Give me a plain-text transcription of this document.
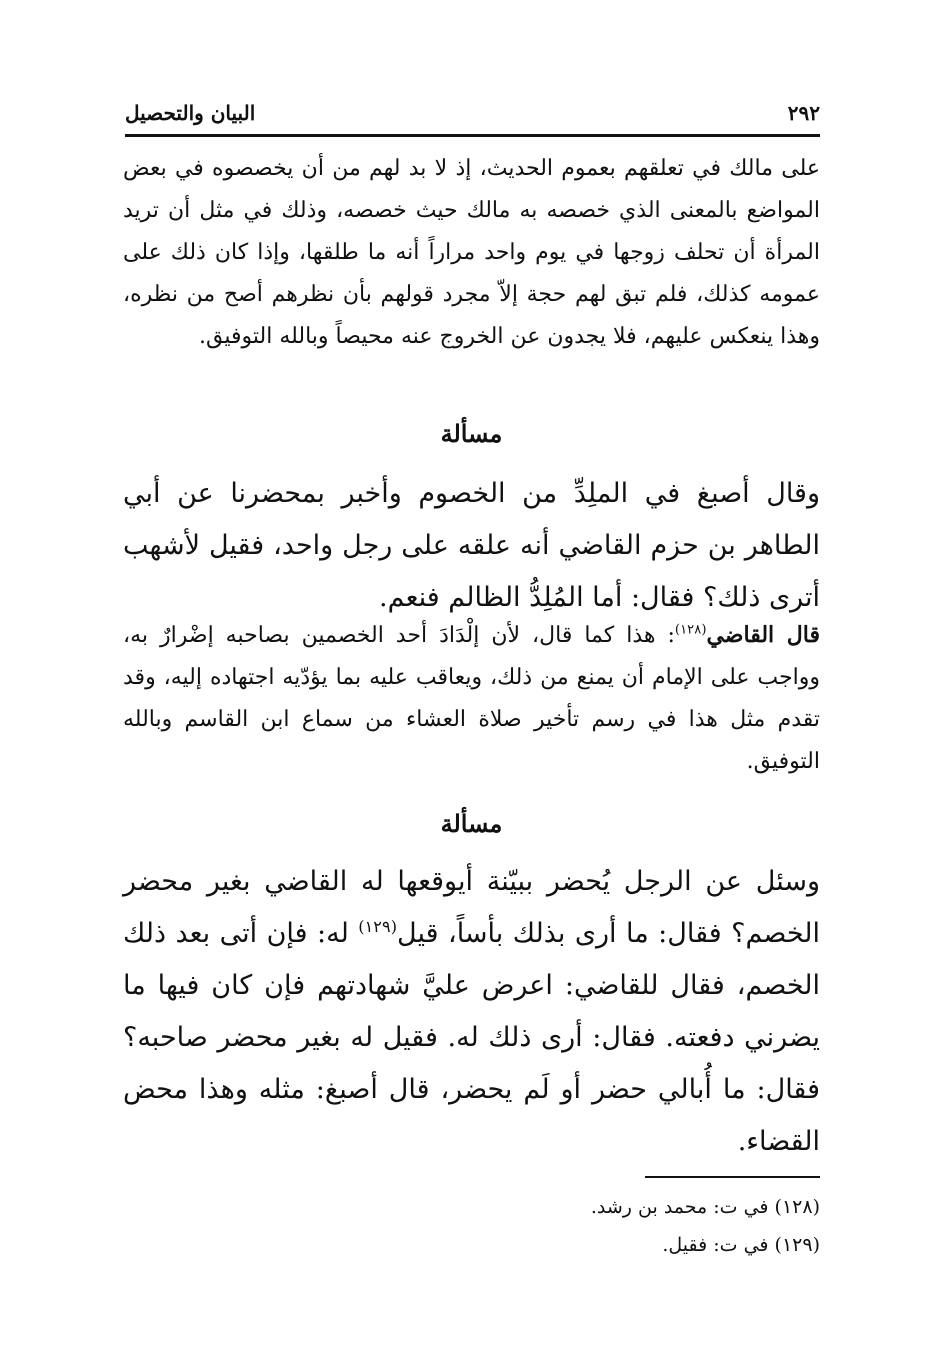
٢٩٢
البيان والتحصيل

على مالك في تعلقهم بعموم الحديث، إذ لا بد لهم من أن يخصصوه في بعض المواضع بالمعنى الذي خصصه به مالك حيث خصصه، وذلك في مثل أن تريد المرأة أن تحلف زوجها في يوم واحد مراراً أنه ما طلقها، وإذا كان ذلك على عمومه كذلك، فلم تبق لهم حجة إلاّ مجرد قولهم بأن نظرهم أصح من نظره، وهذا ينعكس عليهم، فلا يجدون عن الخروج عنه محيصاً وبالله التوفيق.

مسألة

وقال أصبغ في الملِدِّ من الخصوم وأخبر بمحضرنا عن أبي الطاهر بن حزم القاضي أنه علقه على رجل واحد، فقيل لأشهب أترى ذلك؟ فقال: أما المُلِدُّ الظالم فنعم.

قال القاضي$^{(١٢٨)}$: هذا كما قال، لأن إلْدَادَ أحد الخصمين بصاحبه إضْرارٌ به، وواجب على الإمام أن يمنع من ذلك، ويعاقب عليه بما يؤدّيه اجتهاده إليه، وقد تقدم مثل هذا في رسم تأخير صلاة العشاء من سماع ابن القاسم وبالله التوفيق.

مسألة

وسئل عن الرجل يُحضر ببيّنة أيوقعها له القاضي بغير محضر الخصم؟ فقال: ما أرى بذلك بأساً، قيل$^{(١٢٩)}$ له: فإن أتى بعد ذلك الخصم، فقال للقاضي: اعرض عليَّ شهادتهم فإن كان فيها ما يضرني دفعته. فقال: أرى ذلك له. فقيل له بغير محضر صاحبه؟ فقال: ما أُبالي حضر أو لَم يحضر، قال أصبغ: مثله وهذا محض القضاء.

(١٢٨) في ت: محمد بن رشد.

(١٢٩) في ت: فقيل.
